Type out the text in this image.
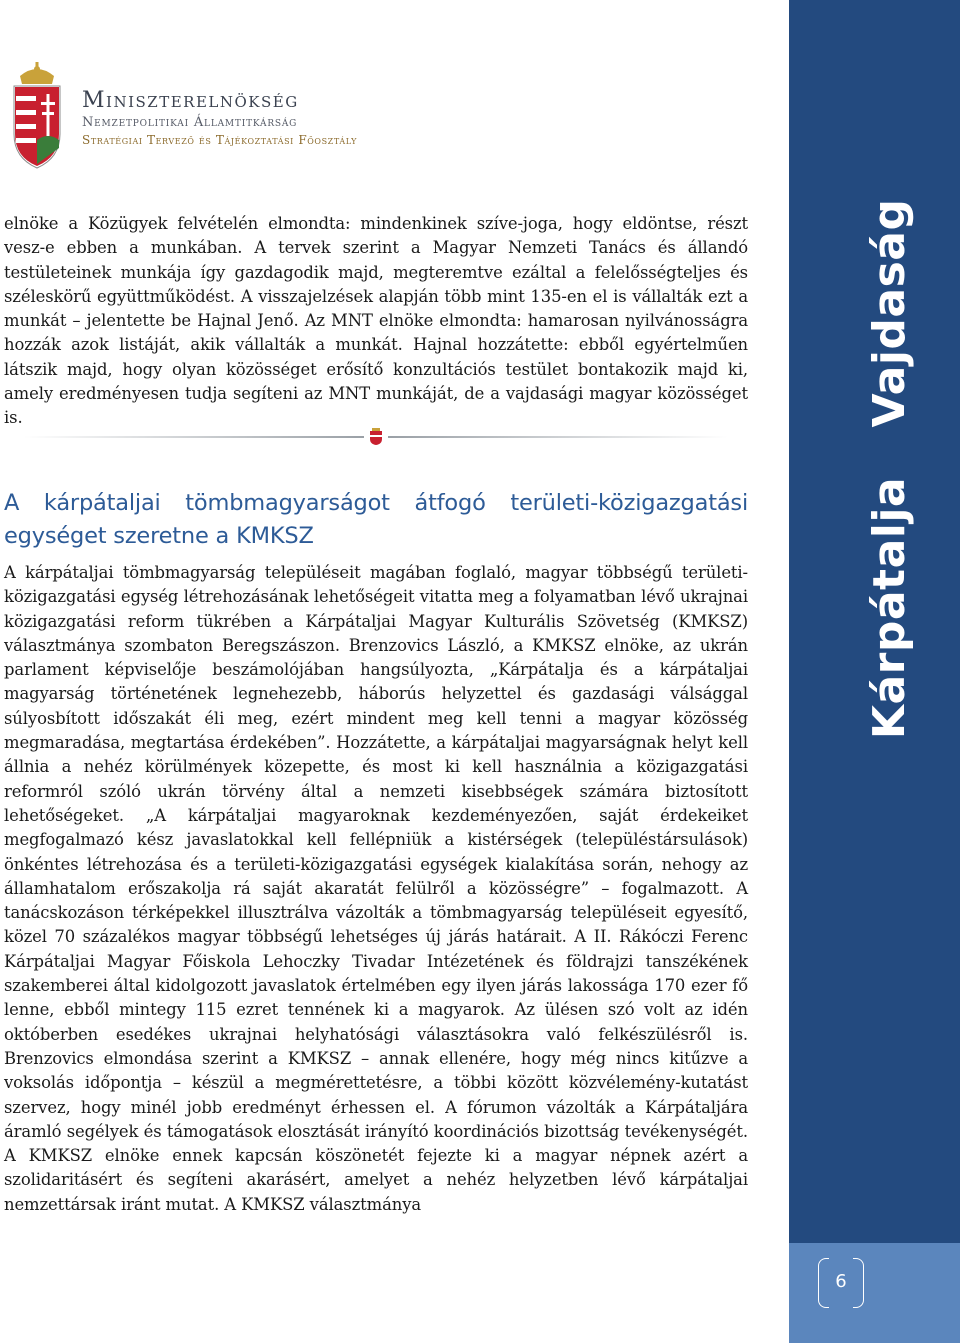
Vajdaság
Kárpátalja
6
Miniszterelnökség
Nemzetpolitikai Államtitkárság
Stratégiai Tervező és Tájékoztatási Főosztály

elnöke a Közügyek felvételén elmondta: mindenkinek szíve-joga, hogy eldöntse, részt vesz-e ebben a munkában. A tervek szerint a Magyar Nemzeti Tanács és állandó testületeinek munkája így gazdagodik majd, megteremtve ezáltal a felelősségteljes és széleskörű együttműködést. A visszajelzések alapján több mint 135-en el is vállalták ezt a munkát – jelentette be Hajnal Jenő. Az MNT elnöke elmondta: hamarosan nyilvánosságra hozzák azok listáját, akik vállalták a munkát. Hajnal hozzátette: ebből egyértelműen látszik majd, hogy olyan közösséget erősítő konzultációs testület bontakozik majd ki, amely eredményesen tudja segíteni az MNT munkáját, de a vajdasági magyar közösséget is.

A kárpátaljai tömbmagyarságot átfogó területi-közigazgatási egységet szeretne a KMKSZ

A kárpátaljai tömbmagyarság településeit magában foglaló, magyar többségű területi-közigazgatási egység létrehozásának lehetőségeit vitatta meg a folyamatban lévő ukrajnai közigazgatási reform tükrében a Kárpátaljai Magyar Kulturális Szövetség (KMKSZ) választmánya szombaton Beregszászon. Brenzovics László, a KMKSZ elnöke, az ukrán parlament képviselője beszámolójában hangsúlyozta, „Kárpátalja és a kárpátaljai magyarság történetének legnehezebb, háborús helyzettel és gazdasági válsággal súlyosbított időszakát éli meg, ezért mindent meg kell tenni a magyar közösség megmaradása, megtartása érdekében”. Hozzátette, a kárpátaljai magyarságnak helyt kell állnia a nehéz körülmények közepette, és most ki kell használnia a közigazgatási reformról szóló ukrán törvény által a nemzeti kisebbségek számára biztosított lehetőségeket. „A kárpátaljai magyaroknak kezdeményezően, saját érdekeiket megfogalmazó kész javaslatokkal kell fellépniük a kistérségek (településtársulások) önkéntes létrehozása és a területi-közigazgatási egységek kialakítása során, nehogy az államhatalom erőszakolja rá saját akaratát felülről a közösségre” – fogalmazott. A tanácskozáson térképekkel illusztrálva vázolták a tömbmagyarság településeit egyesítő, közel 70 százalékos magyar többségű lehetséges új járás határait. A II. Rákóczi Ferenc Kárpátaljai Magyar Főiskola Lehoczky Tivadar Intézetének és földrajzi tanszékének szakemberei által kidolgozott javaslatok értelmében egy ilyen járás lakossága 170 ezer fő lenne, ebből mintegy 115 ezret tennének ki a magyarok. Az ülésen szó volt az idén októberben esedékes ukrajnai helyhatósági választásokra való felkészülésről is. Brenzovics elmondása szerint a KMKSZ – annak ellenére, hogy még nincs kitűzve a voksolás időpontja – készül a megmérettetésre, a többi között közvélemény-kutatást szervez, hogy minél jobb eredményt érhessen el. A fórumon vázolták a Kárpátaljára áramló segélyek és támogatások elosztását irányító koordinációs bizottság tevékenységét. A KMKSZ elnöke ennek kapcsán köszönetét fejezte ki a magyar népnek azért a szolidaritásért és segíteni akarásért, amelyet a nehéz helyzetben lévő kárpátaljai nemzettársak iránt mutat. A KMKSZ választmánya
